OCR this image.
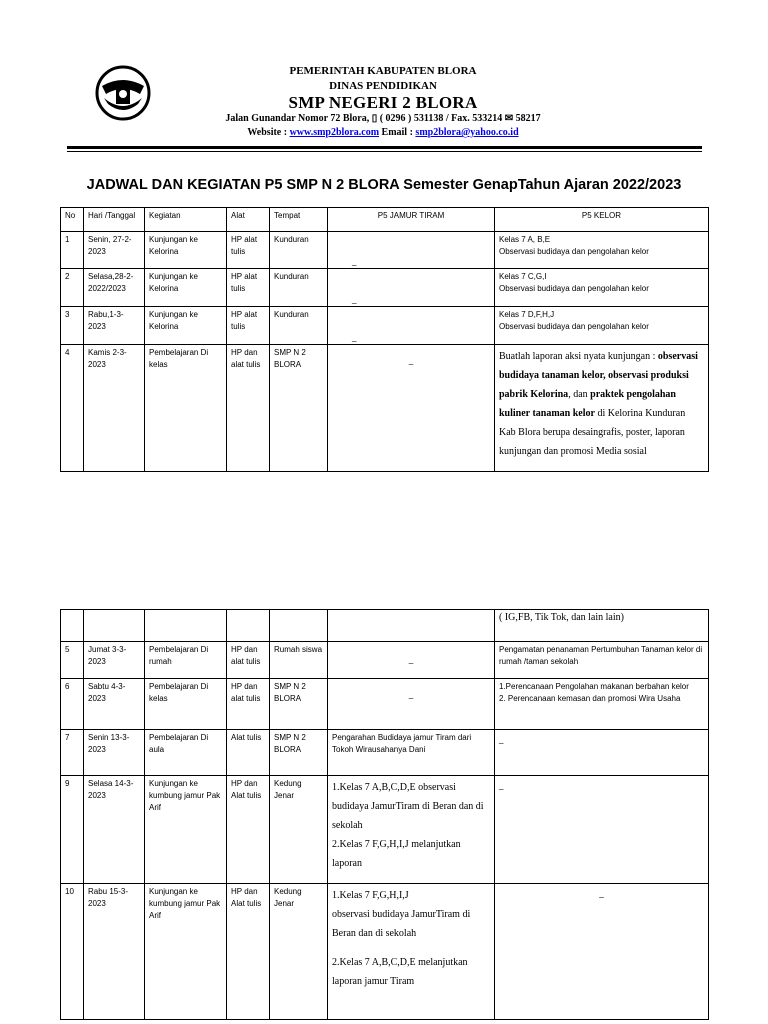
PEMERINTAH KABUPATEN BLORA
DINAS PENDIDIKAN
SMP NEGERI 2 BLORA
Jalan Gunandar Nomor 72 Blora, ▯ ( 0296 ) 531138 / Fax. 533214 ✉ 58217
Website : www.smp2blora.com Email : smp2blora@yahoo.co.id
JADWAL DAN KEGIATAN P5 SMP N 2 BLORA Semester GenapTahun Ajaran 2022/2023
No	Hari /Tanggal	Kegiatan	Alat	Tempat	P5 JAMUR TIRAM	P5 KELOR
1	Senin, 27-2-2023	Kunjungan ke Kelorina	HP alat tulis	Kunduran	_	Kelas 7 A, B,E
Observasi budidaya dan pengolahan kelor

2	Selasa,28-2-2022/2023	Kunjungan ke Kelorina	HP alat tulis	Kunduran	_	Kelas 7 C,G,I
Observasi budidaya dan pengolahan kelor

3	Rabu,1-3-2023	Kunjungan ke Kelorina	HP alat tulis	Kunduran	_	Kelas 7 D,F,H,J
Observasi budidaya dan pengolahan kelor

4	Kamis 2-3-2023	Pembelajaran Di kelas	HP dan alat tulis	SMP N 2 BLORA	_	Buatlah laporan aksi nyata kunjungan : observasi budidaya tanaman kelor, observasi produksi pabrik Kelorina, dan praktek pengolahan kuliner tanaman kelor di Kelorina Kunduran Kab Blora berupa desaingrafis, poster, laporan kunjungan dan promosi Media sosial
						( IG,FB, Tik Tok, dan lain lain)
5	Jumat 3-3-2023	Pembelajaran Di rumah	HP dan alat tulis	Rumah siswa	_	Pengamatan penanaman Pertumbuhan Tanaman kelor di rumah /taman sekolah
6	Sabtu 4-3-2023	Pembelajaran Di kelas	HP dan alat tulis	SMP N 2 BLORA	_	1.Perencanaan Pengolahan makanan berbahan kelor
2. Perencanaan kemasan dan promosi Wira Usaha

7	Senin 13-3-2023	Pembelajaran Di aula	Alat tulis	SMP N 2 BLORA	Pengarahan Budidaya jamur Tiram dari Tokoh Wirausahanya Dani	_
9	Selasa 14-3-2023	Kunjungan ke kumbung jamur Pak Arif	HP dan Alat tulis	Kedung Jenar	1.Kelas 7 A,B,C,D,E observasi budidaya JamurTiram di Beran dan di sekolah
2.Kelas 7 F,G,H,I,J melanjutkan laporan	_
10	Rabu 15-3-2023	Kunjungan ke kumbung jamur Pak Arif	HP dan Alat tulis	Kedung Jenar	1.Kelas 7 F,G,H,I,J
observasi budidaya JamurTiram di Beran dan di sekolah
2.Kelas 7 A,B,C,D,E melanjutkan laporan jamur Tiram	_
